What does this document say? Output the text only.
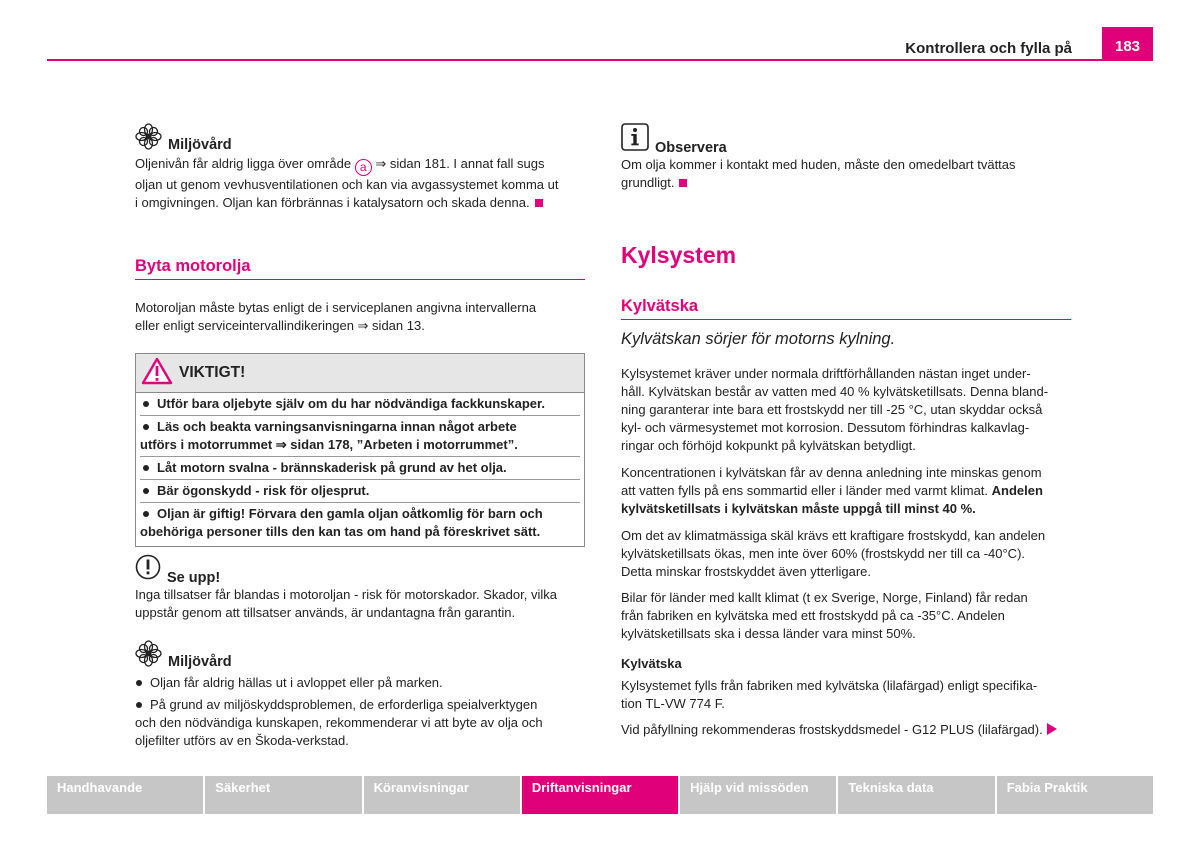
Kontrollera och fylla på	183
Miljövård
Oljenivån får aldrig ligga över område a ⇒ sidan 181. I annat fall sugs
oljan ut genom vevhusventilationen och kan via avgassystemet komma ut
i omgivningen. Oljan kan förbrännas i katalysatorn och skada denna.
Byta motorolja
Motoroljan måste bytas enligt de i serviceplanen angivna intervallerna
eller enligt serviceintervallindikeringen ⇒ sidan 13.
VIKTIGT!
Utför bara oljebyte själv om du har nödvändiga fackkunskaper.
Läs och beakta varningsanvisningarna innan något arbete
utförs i motorrummet ⇒ sidan 178, ”Arbeten i motorrummet”.
Låt motorn svalna - brännskaderisk på grund av het olja.
Bär ögonskydd - risk för oljesprut.
Oljan är giftig! Förvara den gamla oljan oåtkomlig för barn och
obehöriga personer tills den kan tas om hand på föreskrivet sätt.
Se upp!
Inga tillsatser får blandas i motoroljan - risk för motorskador. Skador, vilka
uppstår genom att tillsatser används, är undantagna från garantin.
Miljövård
Oljan får aldrig hällas ut i avloppet eller på marken.
På grund av miljöskyddsproblemen, de erforderliga speialverktygen
och den nödvändiga kunskapen, rekommenderar vi att byte av olja och
oljefilter utförs av en Škoda-verkstad.
Observera
Om olja kommer i kontakt med huden, måste den omedelbart tvättas
grundligt.
Kylsystem
Kylvätska
Kylvätskan sörjer för motorns kylning.
Kylsystemet kräver under normala driftförhållanden nästan inget under-
håll. Kylvätskan består av vatten med 40 % kylvätsketillsats. Denna bland-
ning garanterar inte bara ett frostskydd ner till -25 °C, utan skyddar också
kyl- och värmesystemet mot korrosion. Dessutom förhindras kalkavlag-
ringar och förhöjd kokpunkt på kylvätskan betydligt.
Koncentrationen i kylvätskan får av denna anledning inte minskas genom
att vatten fylls på ens sommartid eller i länder med varmt klimat. Andelen
kylvätsketillsats i kylvätskan måste uppgå till minst 40 %.
Om det av klimatmässiga skäl krävs ett kraftigare frostskydd, kan andelen
kylvätsketillsats ökas, men inte över 60% (frostskydd ner till ca -40°C).
Detta minskar frostskyddet även ytterligare.
Bilar för länder med kallt klimat (t ex Sverige, Norge, Finland) får redan
från fabriken en kylvätska med ett frostskydd på ca -35°C. Andelen
kylvätsketillsats ska i dessa länder vara minst 50%.
Kylvätska
Kylsystemet fylls från fabriken med kylvätska (lilafärgad) enligt specifika-
tion TL-VW 774 F.
Vid påfyllning rekommenderas frostskyddsmedel - G12 PLUS (lilafärgad).
Handhavande	Säkerhet	Köranvisningar	Driftanvisningar	Hjälp vid missöden	Tekniska data	Fabia Praktik
